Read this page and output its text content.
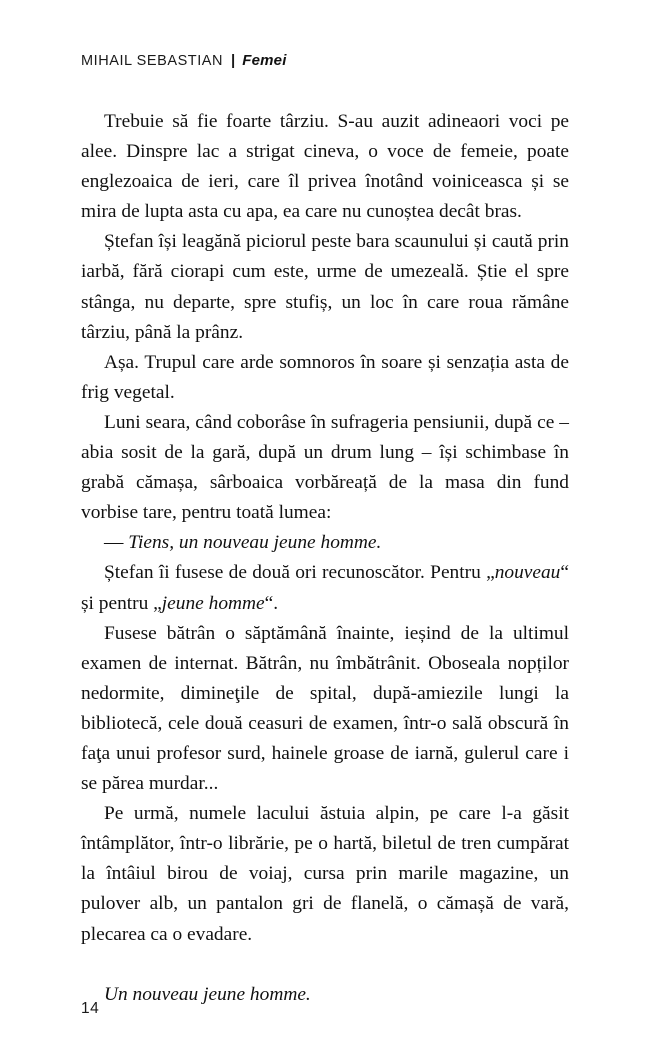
MIHAIL SEBASTIAN | Femei

Trebuie să fie foarte târziu. S-au auzit adineaori voci pe alee. Dinspre lac a strigat cineva, o voce de femeie, poate englezoaica de ieri, care îl privea înotând voiniceasca și se mira de lupta asta cu apa, ea care nu cunoștea decât bras.

Ștefan își leagănă piciorul peste bara scaunului și caută prin iarbă, fără ciorapi cum este, urme de umezeală. Știe el spre stânga, nu departe, spre stufiș, un loc în care roua rămâne târziu, până la prânz.

Așa. Trupul care arde somnoros în soare și senzația asta de frig vegetal.

Luni seara, când coborâse în sufrageria pensiunii, după ce – abia sosit de la gară, după un drum lung – își schimbase în grabă cămașa, sârboaica vorbăreață de la masa din fund vorbise tare, pentru toată lumea:

— Tiens, un nouveau jeune homme.

Ștefan îi fusese de două ori recunoscător. Pentru „nouveau“ și pentru „jeune homme“.

Fusese bătrân o săptămână înainte, ieșind de la ultimul examen de internat. Bătrân, nu îmbătrânit. Oboseala nopților nedormite, dimineţile de spital, după-amiezile lungi la bibliotecă, cele două ceasuri de examen, într-o sală obscură în faţa unui profesor surd, hainele groase de iarnă, gulerul care i se părea murdar...

Pe urmă, numele lacului ăstuia alpin, pe care l-a găsit întâmplător, într-o librărie, pe o hartă, biletul de tren cumpărat la întâiul birou de voiaj, cursa prin marile magazine, un pulover alb, un pantalon gri de flanelă, o cămașă de vară, plecarea ca o evadare.

Un nouveau jeune homme.

14
